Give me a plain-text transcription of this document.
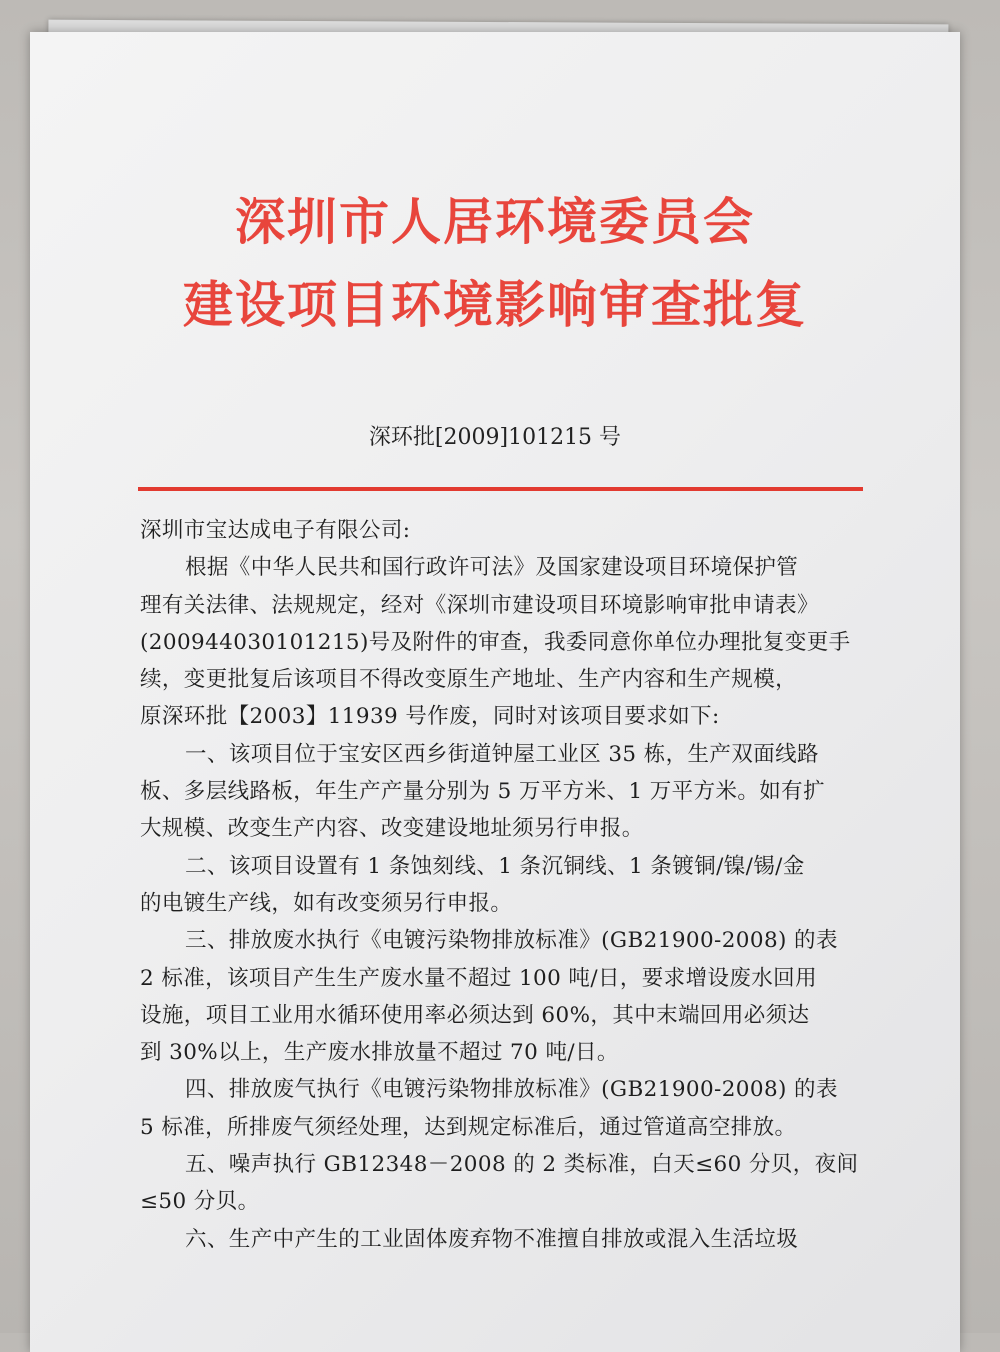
深圳市人居环境委员会
建设项目环境影响审查批复
深环批[2009]101215 号

深圳市宝达成电子有限公司:

根据《中华人民共和国行政许可法》及国家建设项目环境保护管

理有关法律、法规规定，经对《深圳市建设项目环境影响审批申请表》

(200944030101215)号及附件的审查，我委同意你单位办理批复变更手

续，变更批复后该项目不得改变原生产地址、生产内容和生产规模，

原深环批【2003】11939 号作废，同时对该项目要求如下:

一、该项目位于宝安区西乡街道钟屋工业区 35 栋，生产双面线路

板、多层线路板，年生产产量分别为 5 万平方米、1 万平方米。如有扩

大规模、改变生产内容、改变建设地址须另行申报。

二、该项目设置有 1 条蚀刻线、1 条沉铜线、1 条镀铜/镍/锡/金

的电镀生产线，如有改变须另行申报。

三、排放废水执行《电镀污染物排放标准》(GB21900-2008) 的表

2 标准，该项目产生生产废水量不超过 100 吨/日，要求增设废水回用

设施，项目工业用水循环使用率必须达到 60%，其中末端回用必须达

到 30%以上，生产废水排放量不超过 70 吨/日。

四、排放废气执行《电镀污染物排放标准》(GB21900-2008) 的表

5 标准，所排废气须经处理，达到规定标准后，通过管道高空排放。

五、噪声执行 GB12348－2008 的 2 类标准，白天≤60 分贝，夜间

≤50 分贝。

六、生产中产生的工业固体废弃物不准擅自排放或混入生活垃圾
